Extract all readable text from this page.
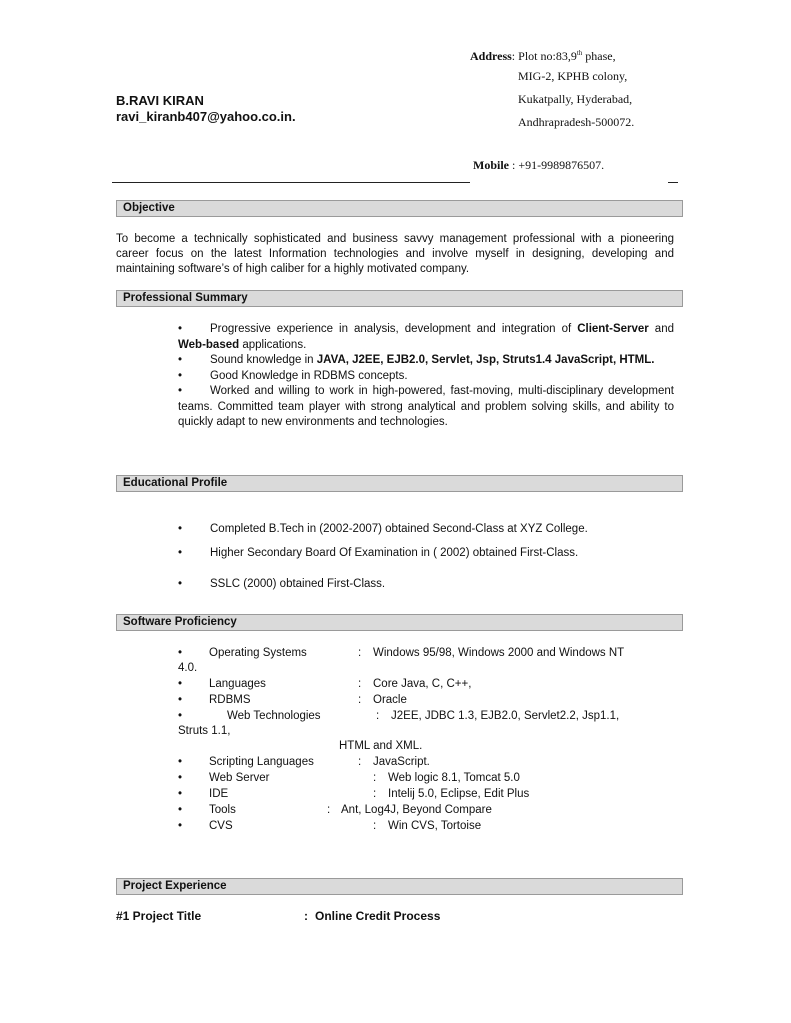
B.RAVI KIRAN
ravi_kiranb407@yahoo.co.in.
Address: Plot no:83,9th phase,
MIG-2, KPHB colony,
Kukatpally, Hyderabad,
Andhrapradesh-500072.
Mobile : +91-9989876507.
Objective
To become a technically sophisticated and business savvy management professional with a pioneering career focus on the latest Information technologies and involve myself in designing, developing and maintaining software’s of high caliber for a highly motivated company.
Professional Summary
• Progressive experience in analysis, development and integration of Client-Server and Web-based applications.
• Sound knowledge in JAVA, J2EE, EJB2.0, Servlet, Jsp, Struts1.4 JavaScript, HTML.
• Good Knowledge in RDBMS concepts.
• Worked and willing to work in high-powered, fast-moving, multi-disciplinary development teams. Committed team player with strong analytical and problem solving skills, and ability to quickly adapt to new environments and technologies.
Educational Profile
• Completed B.Tech in (2002-2007) obtained Second-Class at XYZ College.
• Higher Secondary Board Of Examination in ( 2002) obtained First-Class.
• SSLC (2000) obtained First-Class.
Software Proficiency
• Operating Systems	: Windows 95/98, Windows 2000 and Windows NT
4.0.
• Languages	: Core Java, C, C++,
• RDBMS	: Oracle
•	Web Technologies	: J2EE, JDBC 1.3, EJB2.0, Servlet2.2, Jsp1.1,
Struts 1.1,
HTML and XML.
• Scripting Languages	: JavaScript.
• Web Server	: Web logic 8.1, Tomcat 5.0
• IDE	: Intelij 5.0, Eclipse, Edit Plus
• Tools	: Ant, Log4J, Beyond Compare
• CVS	: Win CVS, Tortoise
Project Experience
#1 Project Title	: Online Credit Process
